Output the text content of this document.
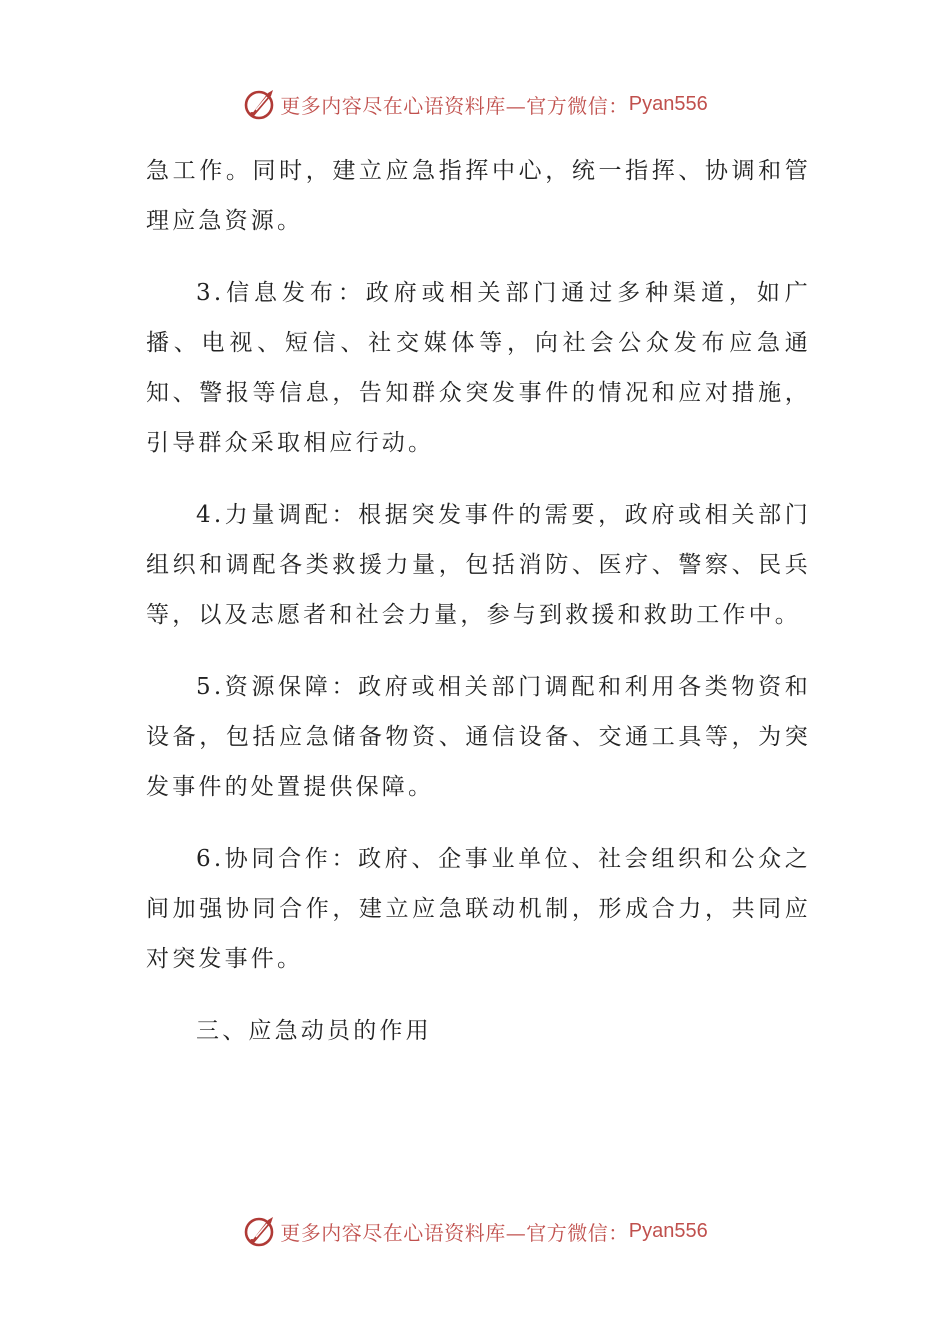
更多内容尽在心语资料库—官方微信： Pyan556

急工作。同时，建立应急指挥中心，统一指挥、协调和管理应急资源。

3.信息发布：政府或相关部门通过多种渠道，如广播、电视、短信、社交媒体等，向社会公众发布应急通知、警报等信息，告知群众突发事件的情况和应对措施，引导群众采取相应行动。

4.力量调配：根据突发事件的需要，政府或相关部门组织和调配各类救援力量，包括消防、医疗、警察、民兵等，以及志愿者和社会力量，参与到救援和救助工作中。

5.资源保障：政府或相关部门调配和利用各类物资和设备，包括应急储备物资、通信设备、交通工具等，为突发事件的处置提供保障。

6.协同合作：政府、企事业单位、社会组织和公众之间加强协同合作，建立应急联动机制，形成合力，共同应对突发事件。

三、应急动员的作用

更多内容尽在心语资料库—官方微信： Pyan556
